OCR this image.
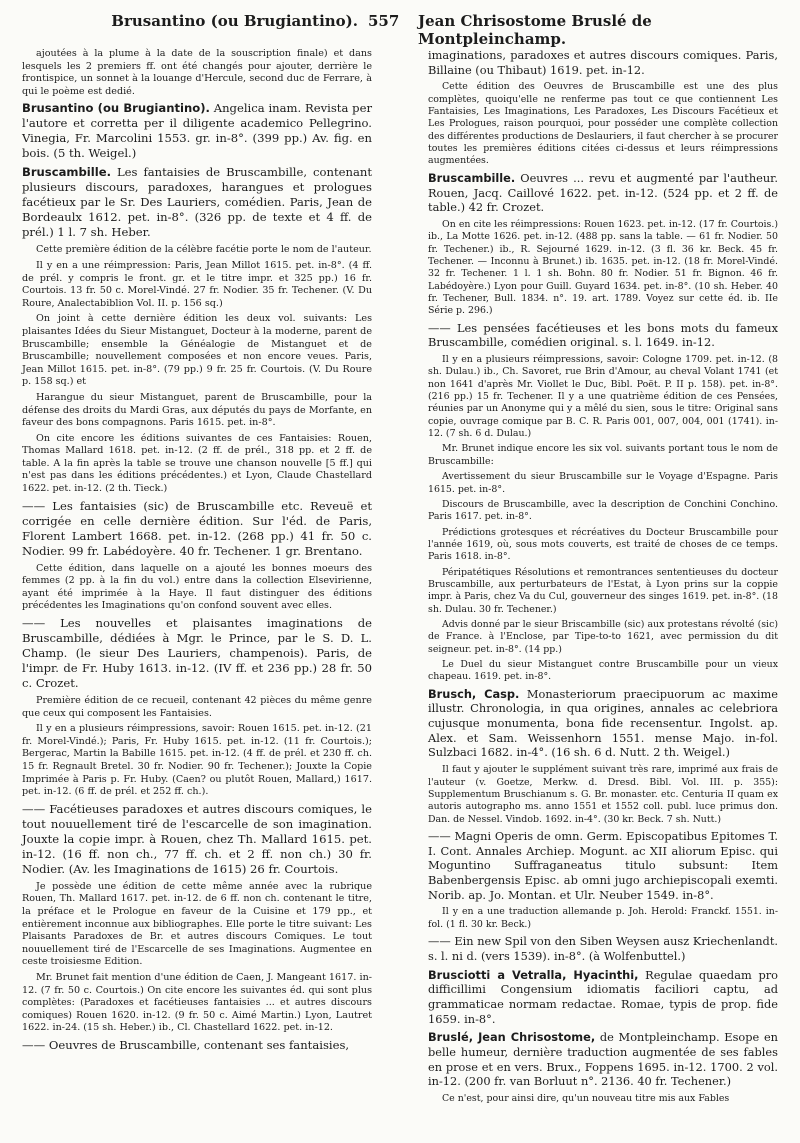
Brusantino (ou Brugiantino). 557	Jean Chrisostome Bruslé de Montpleinchamp.

ajoutées à la plume à la date de la souscription finale) et dans lesquels les 2 premiers ff. ont été changés pour ajouter, derrière le frontispice, un sonnet à la louange d'Hercule, second duc de Ferrare, à qui le poème est dedié.

Brusantino (ou Brugiantino). Angelica inam. Revista per l'autore et corretta per il diligente academico Pellegrino. Vinegia, Fr. Marcolini 1553. gr. in-8°. (399 pp.) Av. fig. en bois. (5 th. Weigel.)

Bruscambille. Les fantaisies de Bruscambille, contenant plusieurs discours, paradoxes, harangues et prologues facétieux par le Sr. Des Lauriers, comédien. Paris, Jean de Bordeaulx 1612. pet. in-8°. (326 pp. de texte et 4 ff. de prél.) 1 l. 7 sh. Heber.

Cette première édition de la célèbre facétie porte le nom de l'auteur.

Il y en a une réimpression: Paris, Jean Millot 1615. pet. in-8°. (4 ff. de prél. y compris le front. gr. et le titre impr. et 325 pp.) 16 fr. Courtois. 13 fr. 50 c. Morel-Vindé. 27 fr. Nodier. 35 fr. Techener. (V. Du Roure, Analectabiblion Vol. II. p. 156 sq.)

On joint à cette dernière édition les deux vol. suivants: Les plaisantes Idées du Sieur Mistanguet, Docteur à la moderne, parent de Bruscambille; ensemble la Généalogie de Mistanguet et de Bruscambille; nouvellement composées et non encore veues. Paris, Jean Millot 1615. pet. in-8°. (79 pp.) 9 fr. 25 fr. Courtois. (V. Du Roure p. 158 sq.) et

Harangue du sieur Mistanguet, parent de Bruscambille, pour la défense des droits du Mardi Gras, aux députés du pays de Morfante, en faveur des bons compagnons. Paris 1615. pet. in-8°.

On cite encore les éditions suivantes de ces Fantaisies: Rouen, Thomas Mallard 1618. pet. in-12. (2 ff. de prél., 318 pp. et 2 ff. de table. A la fin après la table se trouve une chanson nouvelle [5 ff.] qui n'est pas dans les éditions précédentes.) et Lyon, Claude Chastellard 1622. pet. in-12. (2 th. Tieck.)

—— Les fantaisies (sic) de Bruscambille etc. Reveuë et corrigée en celle dernière édition. Sur l'éd. de Paris, Florent Lambert 1668. pet. in-12. (268 pp.) 41 fr. 50 c. Nodier. 99 fr. Labédoyère. 40 fr. Techener. 1 gr. Brentano.

Cette édition, dans laquelle on a ajouté les bonnes moeurs des femmes (2 pp. à la fin du vol.) entre dans la collection Elsevirienne, ayant été imprimée à la Haye. Il faut distinguer des éditions précédentes les Imaginations qu'on confond souvent avec elles.

—— Les nouvelles et plaisantes imaginations de Bruscambille, dédiées à Mgr. le Prince, par le S. D. L. Champ. (le sieur Des Lauriers, champenois). Paris, de l'impr. de Fr. Huby 1613. in-12. (IV ff. et 236 pp.) 28 fr. 50 c. Crozet.

Première édition de ce recueil, contenant 42 pièces du même genre que ceux qui composent les Fantaisies.

Il y en a plusieurs réimpressions, savoir: Rouen 1615. pet. in-12. (21 fr. Morel-Vindé.); Paris, Fr. Huby 1615. pet. in-12. (11 fr. Courtois.); Bergerac, Martin la Babille 1615. pet. in-12. (4 ff. de prél. et 230 ff. ch. 15 fr. Regnault Bretel. 30 fr. Nodier. 90 fr. Techener.); Jouxte la Copie Imprimée à Paris p. Fr. Huby. (Caen? ou plutôt Rouen, Mallard,) 1617. pet. in-12. (6 ff. de prél. et 252 ff. ch.).

—— Facétieuses paradoxes et autres discours comiques, le tout nouuellement tiré de l'escarcelle de son imagination. Jouxte la copie impr. à Rouen, chez Th. Mallard 1615. pet. in-12. (16 ff. non ch., 77 ff. ch. et 2 ff. non ch.) 30 fr. Nodier. (Av. les Imaginations de 1615) 26 fr. Courtois.

Je possède une édition de cette même année avec la rubrique Rouen, Th. Mallard 1617. pet. in-12. de 6 ff. non ch. contenant le titre, la préface et le Prologue en faveur de la Cuisine et 179 pp., et entièrement inconnue aux bibliographes. Elle porte le titre suivant: Les Plaisants Paradoxes de Br. et autres discours Comiques. Le tout nouuellement tiré de l'Escarcelle de ses Imaginations. Augmentee en ceste troisiesme Edition.

Mr. Brunet fait mention d'une édition de Caen, J. Mangeant 1617. in-12. (7 fr. 50 c. Courtois.) On cite encore les suivantes éd. qui sont plus complètes: (Paradoxes et facétieuses fantaisies ... et autres discours comiques) Rouen 1620. in-12. (9 fr. 50 c. Aimé Martin.) Lyon, Lautret 1622. in-24. (15 sh. Heber.) ib., Cl. Chastellard 1622. pet. in-12.

—— Oeuvres de Bruscambille, contenant ses fantaisies,

imaginations, paradoxes et autres discours comiques. Paris, Billaine (ou Thibaut) 1619. pet. in-12.

Cette édition des Oeuvres de Bruscambille est une des plus complètes, quoiqu'elle ne renferme pas tout ce que contiennent Les Fantaisies, Les Imaginations, Les Paradoxes, Les Discours Facétieux et Les Prologues, raison pourquoi, pour posséder une complète collection des différentes productions de Deslauriers, il faut chercher à se procurer toutes les premières éditions citées ci-dessus et leurs réimpressions augmentées.

Bruscambille. Oeuvres ... revu et augmenté par l'autheur. Rouen, Jacq. Caillové 1622. pet. in-12. (524 pp. et 2 ff. de table.) 42 fr. Crozet.

On en cite les réimpressions: Rouen 1623. pet. in-12. (17 fr. Courtois.) ib., La Motte 1626. pet. in-12. (488 pp. sans la table. — 61 fr. Nodier. 50 fr. Techener.) ib., R. Sejourné 1629. in-12. (3 fl. 36 kr. Beck. 45 fr. Techener. — Inconnu à Brunet.) ib. 1635. pet. in-12. (18 fr. Morel-Vindé. 32 fr. Techener. 1 l. 1 sh. Bohn. 80 fr. Nodier. 51 fr. Bignon. 46 fr. Labédoyère.) Lyon pour Guill. Guyard 1634. pet. in-8°. (10 sh. Heber. 40 fr. Techener, Bull. 1834. n°. 19. art. 1789. Voyez sur cette éd. ib. IIe Série p. 296.)

—— Les pensées facétieuses et les bons mots du fameux Bruscambille, comédien original. s. l. 1649. in-12.

Il y en a plusieurs réimpressions, savoir: Cologne 1709. pet. in-12. (8 sh. Dulau.) ib., Ch. Savoret, rue Brin d'Amour, au cheval Volant 1741 (et non 1641 d'après Mr. Viollet le Duc, Bibl. Poët. P. II p. 158). pet. in-8°. (216 pp.) 15 fr. Techener. Il y a une quatrième édition de ces Pensées, réunies par un Anonyme qui y a mêlé du sien, sous le titre: Original sans copie, ouvrage comique par B. C. R. Paris 001, 007, 004, 001 (1741). in-12. (7 sh. 6 d. Dulau.)

Mr. Brunet indique encore les six vol. suivants portant tous le nom de Bruscambille:

Avertissement du sieur Bruscambille sur le Voyage d'Espagne. Paris 1615. pet. in-8°.

Discours de Bruscambille, avec la description de Conchini Conchino. Paris 1617. pet. in-8°.

Prédictions grotesques et récréatives du Docteur Bruscambille pour l'année 1619, où, sous mots couverts, est traité de choses de ce temps. Paris 1618. in-8°.

Péripatétiques Résolutions et remontrances sententieuses du docteur Bruscambille, aux perturbateurs de l'Estat, à Lyon prins sur la coppie impr. à Paris, chez Va du Cul, gouverneur des singes 1619. pet. in-8°. (18 sh. Dulau. 30 fr. Techener.)

Advis donné par le sieur Briscambille (sic) aux protestans révolté (sic) de France. à l'Enclose, par Tipe-to-to 1621, avec permission du dit seigneur. pet. in-8°. (14 pp.)

Le Duel du sieur Mistanguet contre Bruscambille pour un vieux chapeau. 1619. pet. in-8°.

Brusch, Casp. Monasteriorum praecipuorum ac maxime illustr. Chronologia, in qua origines, annales ac celebriora cujusque monumenta, bona fide recensentur. Ingolst. ap. Alex. et Sam. Weissenhorn 1551. mense Majo. in-fol. Sulzbaci 1682. in-4°. (16 sh. 6 d. Nutt. 2 th. Weigel.)

Il faut y ajouter le supplément suivant très rare, imprimé aux frais de l'auteur (v. Goetze, Merkw. d. Dresd. Bibl. Vol. III. p. 355): Supplementum Bruschianum s. G. Br. monaster. etc. Centuria II quam ex autoris autographo ms. anno 1551 et 1552 coll. publ. luce primus don. Dan. de Nessel. Vindob. 1692. in-4°. (30 kr. Beck. 7 sh. Nutt.)

—— Magni Operis de omn. Germ. Episcopatibus Epitomes T. I. Cont. Annales Archiep. Mogunt. ac XII aliorum Episc. qui Moguntino Suffraganeatus titulo subsunt: Item Babenbergensis Episc. ab omni jugo archiepiscopali exemti. Norib. ap. Jo. Montan. et Ulr. Neuber 1549. in-8°.

Il y en a une traduction allemande p. Joh. Herold: Franckf. 1551. in-fol. (1 fl. 30 kr. Beck.)

—— Ein new Spil von den Siben Weysen ausz Kriechenlandt. s. l. ni d. (vers 1539). in-8°. (à Wolfenbuttel.)

Brusciotti a Vetralla, Hyacinthi, Regulae quaedam pro difficillimi Congensium idiomatis faciliori captu, ad grammaticae normam redactae. Romae, typis de prop. fide 1659. in-8°.

Bruslé, Jean Chrisostome, de Montpleinchamp. Esope en belle humeur, dernière traduction augmentée de ses fables en prose et en vers. Brux., Foppens 1695. in-12. 1700. 2 vol. in-12. (200 fr. van Borluut n°. 2136. 40 fr. Techener.)

Ce n'est, pour ainsi dire, qu'un nouveau titre mis aux Fables
